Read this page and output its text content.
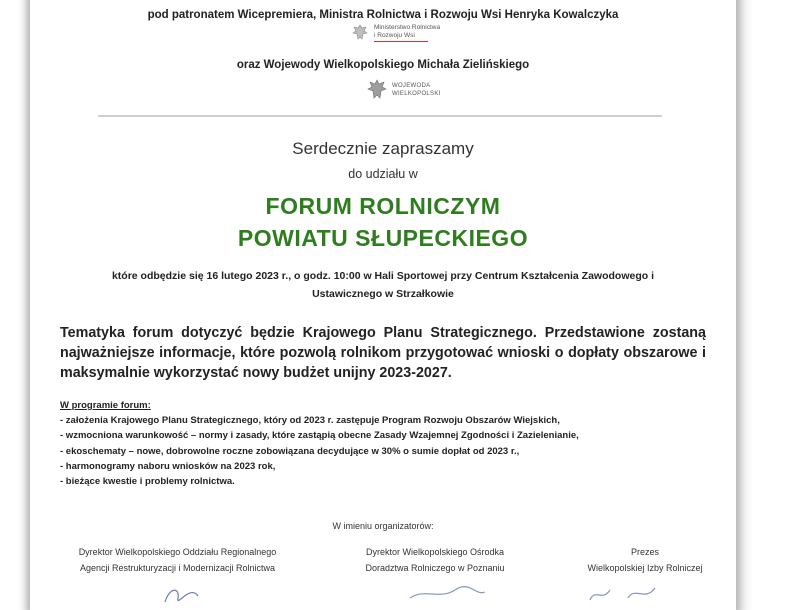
pod patronatem Wicepremiera, Ministra Rolnictwa i Rozwoju Wsi Henryka Kowalczyka
Ministerstwo Rolnictwa
i Rozwoju Wsi
oraz Wojewody Wielkopolskiego Michała Zielińskiego
WOJEWODA
WIELKOPOLSKI
Serdecznie zapraszamy
do udziału w
FORUM ROLNICZYM
POWIATU SŁUPECKIEGO
które odbędzie się 16 lutego 2023 r., o godz. 10:00 w Hali Sportowej przy Centrum Kształcenia Zawodowego i
Ustawicznego w Strzałkowie
Tematyka forum dotyczyć będzie Krajowego Planu Strategicznego. Przedstawione zostaną najważniejsze informacje, które pozwolą rolnikom przygotować wnioski o dopłaty obszarowe i maksymalnie wykorzystać nowy budżet unijny 2023-2027.
W programie forum:
- założenia Krajowego Planu Strategicznego, który od 2023 r. zastępuje Program Rozwoju Obszarów Wiejskich,
- wzmocniona warunkowość – normy i zasady, które zastąpią obecne Zasady Wzajemnej Zgodności i Zazielenianie,
- ekoschematy – nowe, dobrowolne roczne zobowiązana decydujące w 30% o sumie dopłat od 2023 r.,
- harmonogramy naboru wniosków na 2023 rok,
- bieżące kwestie i problemy rolnictwa.
W imieniu organizatorów:
Dyrektor Wielkopolskiego Oddziału Regionalnego
Agencji Restrukturyzacji i Modernizacji Rolnictwa
Dyrektor Wielkopolskiego Ośrodka
Doradztwa Rolniczego w Poznaniu
Prezes
Wielkopolskiej Izby Rolniczej
